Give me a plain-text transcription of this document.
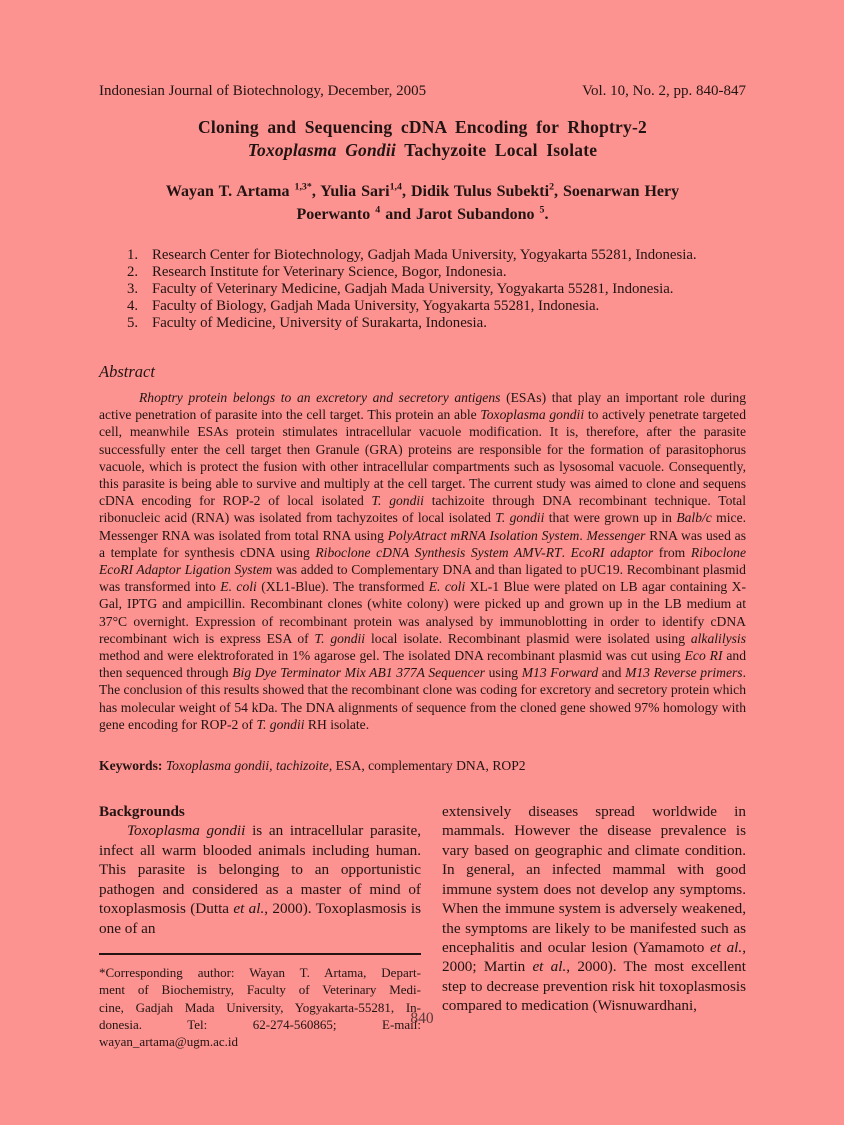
Indonesian Journal of Biotechnology, December, 2005	Vol. 10, No. 2, pp. 840-847
Cloning and Sequencing cDNA Encoding for Rhoptry-2
Toxoplasma Gondii Tachyzoite Local Isolate
Wayan T. Artama $^{1,3*}$, Yulia Sari$^{1,4}$, Didik Tulus Subekti$^2$, Soenarwan Hery
Poerwanto $^4$ and Jarot Subandono $^5$.
1. Research Center for Biotechnology, Gadjah Mada University, Yogyakarta 55281, Indonesia.
2. Research Institute for Veterinary Science, Bogor, Indonesia.
3. Faculty of Veterinary Medicine, Gadjah Mada University, Yogyakarta 55281, Indonesia.
4. Faculty of Biology, Gadjah Mada University, Yogyakarta 55281, Indonesia.
5. Faculty of Medicine, University of Surakarta, Indonesia.
Abstract

Rhoptry protein belongs to an excretory and secretory antigens (ESAs) that play an important role during active penetration of parasite into the cell target. This protein an able Toxoplasma gondii to actively penetrate targeted cell, meanwhile ESAs protein stimulates intracellular vacuole modification. It is, therefore, after the parasite successfully enter the cell target then Granule (GRA) proteins are responsible for the formation of parasitophorus vacuole, which is protect the fusion with other intracellular compartments such as lysosomal vacuole. Consequently, this parasite is being able to survive and multiply at the cell target. The current study was aimed to clone and sequens cDNA encoding for ROP-2 of local isolated T. gondii tachizoite through DNA recombinant technique. Total ribonucleic acid (RNA) was isolated from tachyzoites of local isolated T. gondii that were grown up in Balb/c mice. Messenger RNA was isolated from total RNA using PolyAtract mRNA Isolation System. Messenger RNA was used as a template for synthesis cDNA using Riboclone cDNA Synthesis System AMV-RT. EcoRI adaptor from Riboclone EcoRI Adaptor Ligation System was added to Complementary DNA and than ligated to pUC19. Recombinant plasmid was transformed into E. coli (XL1-Blue). The transformed E. coli XL-1 Blue were plated on LB agar containing X-Gal, IPTG and ampicillin. Recombinant clones (white colony) were picked up and grown up in the LB medium at 37°C overnight. Expression of recombinant protein was analysed by immunoblotting in order to identify cDNA recombinant wich is express ESA of T. gondii local isolate. Recombinant plasmid were isolated using alkalilysis method and were elektroforated in 1% agarose gel. The isolated DNA recombinant plasmid was cut using Eco RI and then sequenced through Big Dye Terminator Mix AB1 377A Sequencer using M13 Forward and M13 Reverse primers. The conclusion of this results showed that the recombinant clone was coding for excretory and secretory protein which has molecular weight of 54 kDa. The DNA alignments of sequence from the cloned gene showed 97% homology with gene encoding for ROP-2 of T. gondii RH isolate.

Keywords: Toxoplasma gondii, tachizoite, ESA, complementary DNA, ROP2

Backgrounds

Toxoplasma gondii is an intracellular parasite, infect all warm blooded animals including human. This parasite is belonging to an opportunistic pathogen and considered as a master of mind of toxoplasmosis (Dutta et al., 2000). Toxoplasmosis is one of an

*Corresponding author: Wayan T. Artama, Depart-
ment of Biochemistry, Faculty of Veterinary Medi-
cine, Gadjah Mada University, Yogyakarta-55281, In-
donesia. Tel: 62-274-560865; E-mail:
wayan_artama@ugm.ac.id

extensively diseases spread worldwide in mammals. However the disease prevalence is vary based on geographic and climate condition. In general, an infected mammal with good immune system does not develop any symptoms. When the immune system is adversely weakened, the symptoms are likely to be manifested such as encephalitis and ocular lesion (Yamamoto et al., 2000; Martin et al., 2000). The most excellent step to decrease prevention risk hit toxoplasmosis compared to medication (Wisnuwardhani,

840
